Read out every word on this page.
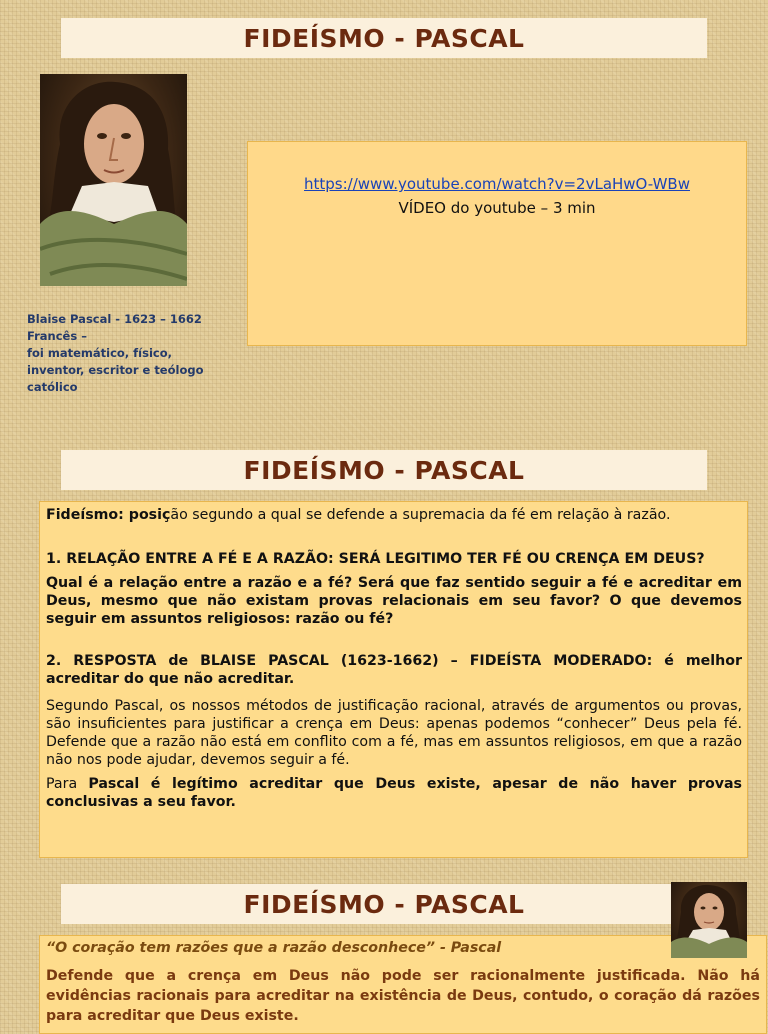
FIDEÍSMO - PASCAL
Blaise Pascal - 1623 – 1662
Francês –
foi matemático, físico,
inventor, escritor e teólogo
católico
https://www.youtube.com/watch?v=2vLaHwO-WBw
VÍDEO do youtube – 3 min
FIDEÍSMO - PASCAL

Fideísmo: posição segundo a qual se defende a supremacia da fé em relação à razão.

1. RELAÇÃO ENTRE A FÉ E A RAZÃO: SERÁ LEGITIMO TER FÉ OU CRENÇA EM DEUS?

Qual é a relação entre a razão e a fé? Será que faz sentido seguir a fé e acreditar em Deus, mesmo que não existam provas relacionais em seu favor? O que devemos seguir em assuntos religiosos: razão ou fé?

2. RESPOSTA de BLAISE PASCAL (1623-1662) – FIDEÍSTA MODERADO: é melhor acreditar do que não acreditar.

Segundo Pascal, os nossos métodos de justificação racional, através de argumentos ou provas, são insuficientes para justificar a crença em Deus: apenas podemos “conhecer” Deus pela fé. Defende que a razão não está em conflito com a fé, mas em assuntos religiosos, em que a razão não nos pode ajudar, devemos seguir a fé.

Para Pascal é legítimo acreditar que Deus existe, apesar de não haver provas conclusivas a seu favor.

FIDEÍSMO - PASCAL

“O coração tem razões que a razão desconhece” - Pascal

Defende que a crença em Deus não pode ser racionalmente justificada. Não há evidências racionais para acreditar na existência de Deus, contudo, o coração dá razões para acreditar que Deus existe.
